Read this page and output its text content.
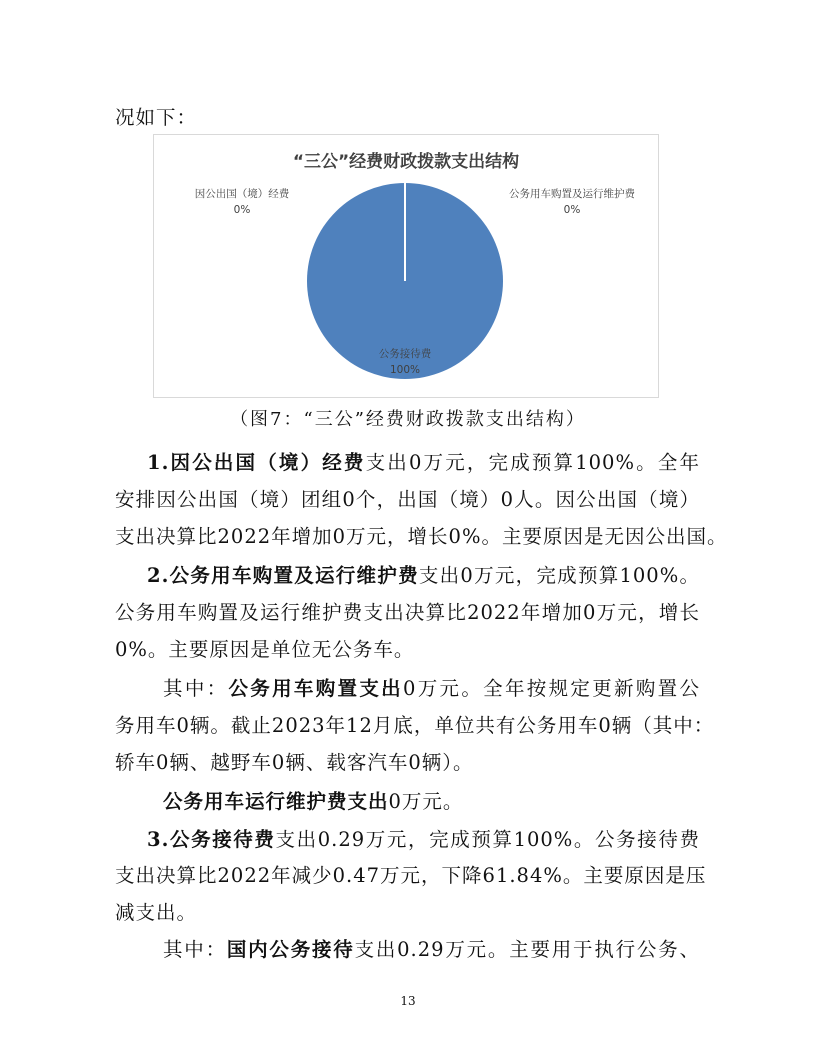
况如下：
“三公”经费财政拨款支出结构
因公出国（境）经费
0%
公务用车购置及运行维护费
0%
公务接待费
100%
（图7：“三公”经费财政拨款支出结构）
1.因公出国（境）经费支出0万元，完成预算100%。全年
安排因公出国（境）团组0个，出国（境）0人。因公出国（境）
支出决算比2022年增加0万元，增长0%。主要原因是无因公出国。
2.公务用车购置及运行维护费支出0万元，完成预算100%。
公务用车购置及运行维护费支出决算比2022年增加0万元，增长
0%。主要原因是单位无公务车。
其中：公务用车购置支出0万元。全年按规定更新购置公
务用车0辆。截止2023年12月底，单位共有公务用车0辆（其中：
轿车0辆、越野车0辆、载客汽车0辆）。
公务用车运行维护费支出0万元。
3.公务接待费支出0.29万元，完成预算100%。公务接待费
支出决算比2022年减少0.47万元，下降61.84%。主要原因是压
减支出。
其中：国内公务接待支出0.29万元。主要用于执行公务、
13
